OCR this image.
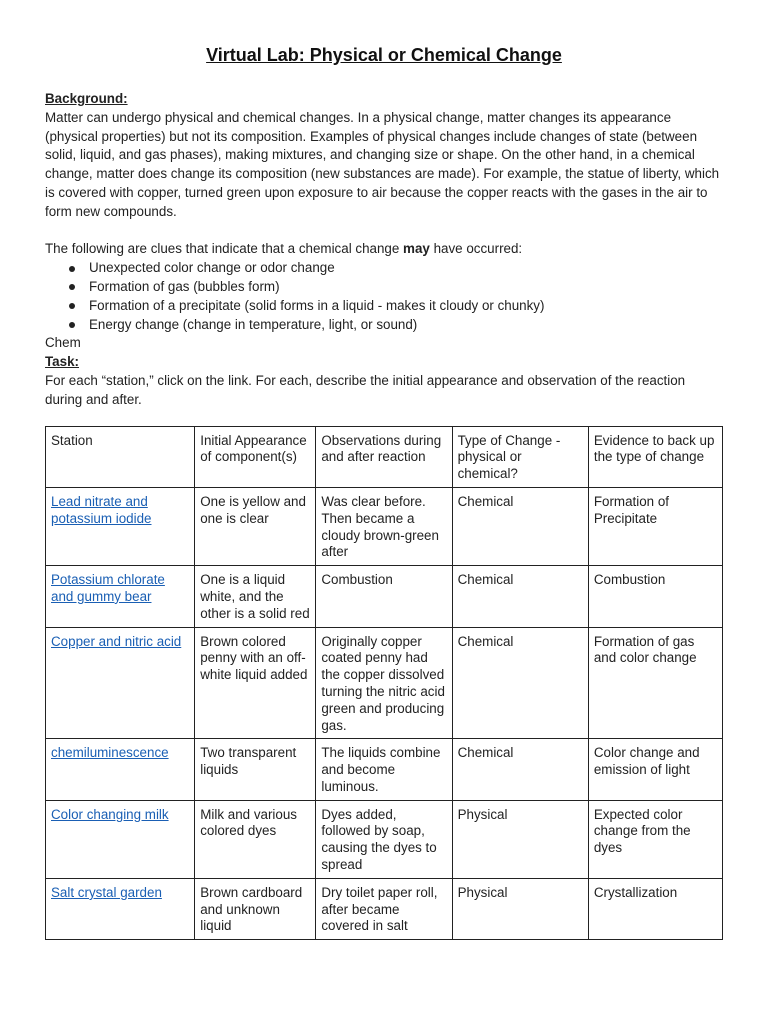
Virtual Lab: Physical or Chemical Change
Background:

Matter can undergo physical and chemical changes. In a physical change, matter changes its appearance (physical properties) but not its composition. Examples of physical changes include changes of state (between solid, liquid, and gas phases), making mixtures, and changing size or shape. On the other hand, in a chemical change, matter does change its composition (new substances are made). For example, the statue of liberty, which is covered with copper, turned green upon exposure to air because the copper reacts with the gases in the air to form new compounds.

The following are clues that indicate that a chemical change may have occurred:

Unexpected color change or odor change
Formation of gas (bubbles form)
Formation of a precipitate (solid forms in a liquid - makes it cloudy or chunky)
Energy change (change in temperature, light, or sound)

Chem

Task:

For each “station,” click on the link. For each, describe the initial appearance and observation of the reaction during and after.

Station	Initial Appearance of component(s)	Observations during and after reaction	Type of Change - physical or chemical?	Evidence to back up the type of change
Lead nitrate and potassium iodide	One is yellow and one is clear	Was clear before. Then became a cloudy brown-green after	Chemical	Formation of Precipitate
Potassium chlorate and gummy bear	One is a liquid white, and the other is a solid red	Combustion	Chemical	Combustion
Copper and nitric acid	Brown colored penny with an off-white liquid added	Originally copper coated penny had the copper dissolved turning the nitric acid green and producing gas.	Chemical	Formation of gas and color change
chemiluminescence	Two transparent liquids	The liquids combine and become luminous.	Chemical	Color change and emission of light
Color changing milk	Milk and various colored dyes	Dyes added, followed by soap, causing the dyes to spread	Physical	Expected color change from the dyes
Salt crystal garden	Brown cardboard and unknown liquid	Dry toilet paper roll, after became covered in salt	Physical	Crystallization
